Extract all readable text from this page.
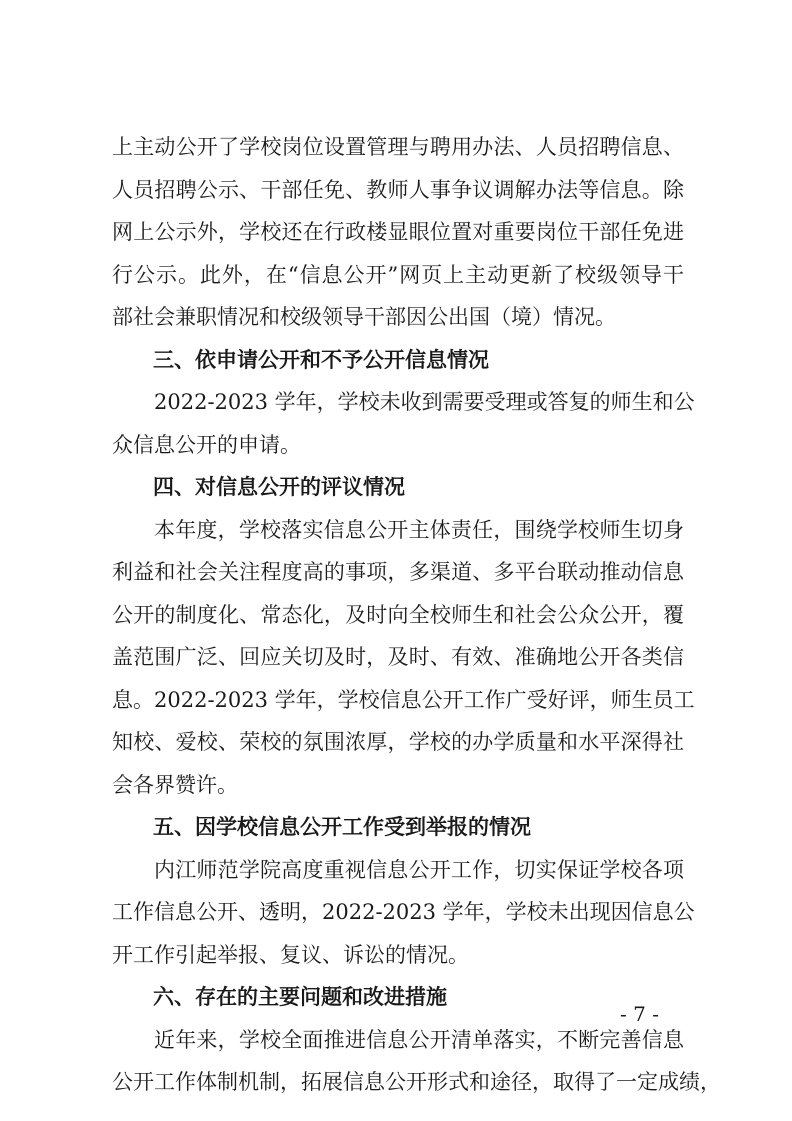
上主动公开了学校岗位设置管理与聘用办法、人员招聘信息、
人员招聘公示、干部任免、教师人事争议调解办法等信息。除
网上公示外，学校还在行政楼显眼位置对重要岗位干部任免进
行公示。此外，在“信息公开”网页上主动更新了校级领导干
部社会兼职情况和校级领导干部因公出国（境）情况。
三、依申请公开和不予公开信息情况
2022-2023 学年，学校未收到需要受理或答复的师生和公
众信息公开的申请。
四、对信息公开的评议情况
本年度，学校落实信息公开主体责任，围绕学校师生切身
利益和社会关注程度高的事项，多渠道、多平台联动推动信息
公开的制度化、常态化，及时向全校师生和社会公众公开，覆
盖范围广泛、回应关切及时，及时、有效、准确地公开各类信
息。2022-2023 学年，学校信息公开工作广受好评，师生员工
知校、爱校、荣校的氛围浓厚，学校的办学质量和水平深得社
会各界赞许。
五、因学校信息公开工作受到举报的情况
内江师范学院高度重视信息公开工作，切实保证学校各项
工作信息公开、透明，2022-2023 学年，学校未出现因信息公
开工作引起举报、复议、诉讼的情况。
六、存在的主要问题和改进措施
近年来，学校全面推进信息公开清单落实，不断完善信息
公开工作体制机制，拓展信息公开形式和途径，取得了一定成绩，
- 7 -
